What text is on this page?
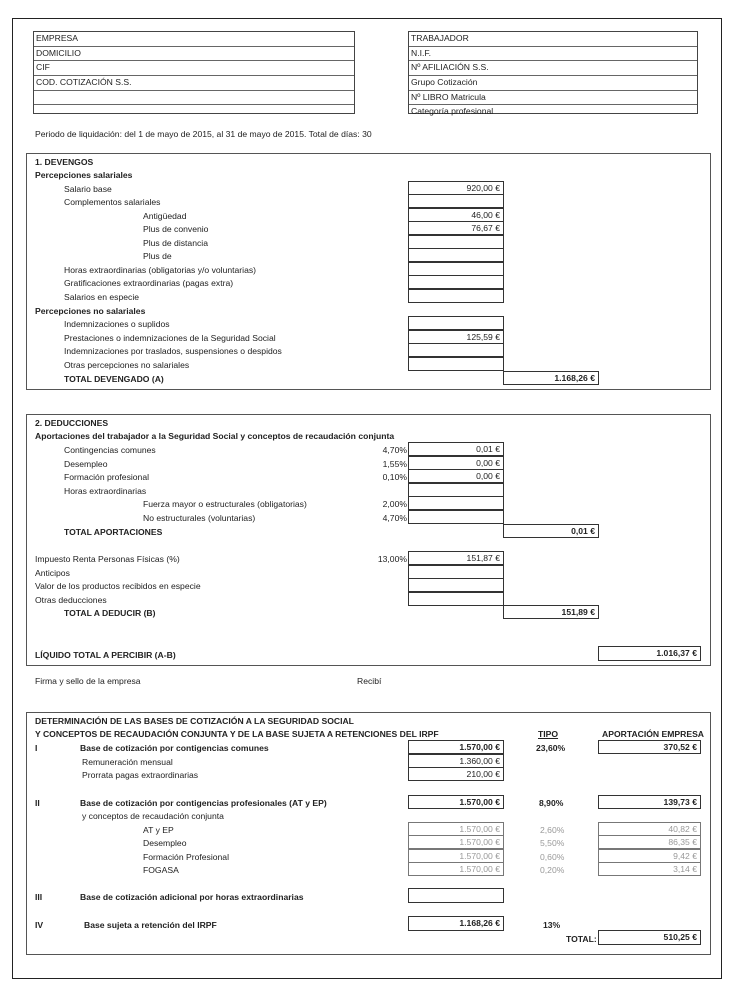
EMPRESA
DOMICILIO
CIF
COD. COTIZACIÓN S.S.
TRABAJADOR
N.I.F.
Nº AFILIACIÓN S.S.
Grupo Cotización
Nº LIBRO Matricula
Categoría profesional
Periodo de liquidación: del 1 de mayo de 2015, al 31 de mayo de 2015. Total de días: 30
1. DEVENGOS
Percepciones salariales
Salario base	920,00 €
Complementos salariales
Antigüedad	46,00 €
Plus de convenio	76,67 €
Plus de distancia
Plus de
Horas extraordinarias (obligatorias y/o voluntarias)
Gratificaciones extraordinarias (pagas extra)
Salarios en especie
Percepciones no salariales
Indemnizaciones o suplidos
Prestaciones o indemnizaciones de la Seguridad Social	125,59 €
Indemnizaciones por traslados, suspensiones o despidos
Otras percepciones no salariales
TOTAL DEVENGADO (A)	1.168,26 €
2. DEDUCCIONES
Aportaciones del trabajador a la Seguridad Social y conceptos de recaudación conjunta
Contingencias comunes	4,70%	0,01 €
Desempleo	1,55%	0,00 €
Formación profesional	0,10%	0,00 €
Horas extraordinarias
Fuerza mayor o estructurales (obligatorias)	2,00%
No estructurales (voluntarias)	4,70%
TOTAL APORTACIONES	0,01 €
Impuesto Renta Personas Físicas (%)	13,00%	151,87 €
Anticipos
Valor de los productos recibidos en especie
Otras deducciones
TOTAL A DEDUCIR (B)	151,89 €
LÍQUIDO TOTAL A PERCIBIR (A-B)	1.016,37 €
Firma y sello de la empresa	Recibí
DETERMINACIÓN DE LAS BASES DE COTIZACIÓN A LA SEGURIDAD SOCIAL
Y CONCEPTOS DE RECAUDACIÓN CONJUNTA Y DE LA BASE SUJETA A RETENCIONES DEL IRPF	TIPO	APORTACIÓN EMPRESA
I	Base de cotización por contigencias comunes	1.570,00 €	23,60%	370,52 €
Remuneración mensual	1.360,00 €
Prorrata pagas extraordinarias	210,00 €
II	Base de cotización por contigencias profesionales (AT y EP)	1.570,00 €	8,90%	139,73 €
y conceptos de recaudación conjunta
AT y EP	1.570,00 €	2,60%	40,82 €
Desempleo	1.570,00 €	5,50%	86,35 €
Formación Profesional	1.570,00 €	0,60%	9,42 €
FOGASA	1.570,00 €	0,20%	3,14 €
III	Base de cotización adicional por horas extraordinarias
IV	Base sujeta a retención del IRPF	1.168,26 €	13%
TOTAL:	510,25 €
